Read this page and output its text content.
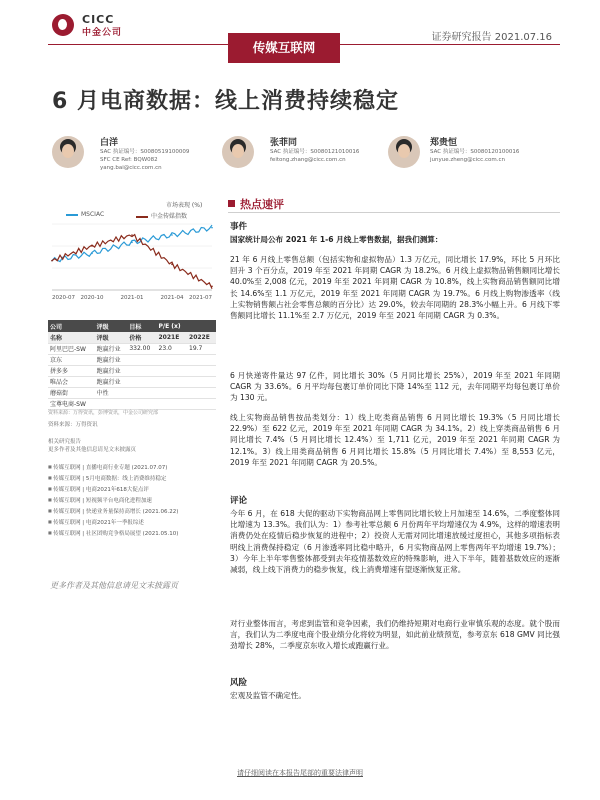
CICC
中金公司
传媒互联网
证券研究报告 2021.07.16
6 月电商数据：线上消费持续稳定
白洋
SAC 执证编号：S0080519100009
SFC CE Ref: BQW082
yang.bai@cicc.com.cn
张菲同
SAC 执证编号：S0080121010016
feitong.zhang@cicc.com.cn
郑贵恒
SAC 执证编号：S0080120100016
junyue.zheng@cicc.com.cn
市场表现 (%)
MSCIAC	中金传媒指数
2020-07 2020-10	2021-01	2021-04 2021-07
公司	评级	目标	P/E (x)	
名称	评级	价格	2021E	2022E
阿里巴巴-SW	跑赢行业	332.00	23.0	19.7
京东	跑赢行业			
拼多多	跑赢行业			
唯品会	跑赢行业			
蘑菇街	中性			
宝尊电商-SW				
资料来源：万得资讯，彭博资讯，中金公司研究部
资料来源：万得资讯
相关研究报告
更多作者及其他信息请见文末披露页
■ 传媒互联网 | 直播电商行业专题 (2021.07.07)
■ 传媒互联网 | 5月电商数据：线上消费维持稳定
■ 传媒互联网 | 电商2021年618大促点评
■ 传媒互联网 | 短视频平台电商化进程加速
■ 传媒互联网 | 快递业务量保持高增长 (2021.06.22)
■ 传媒互联网 | 电商2021年一季报综述
■ 传媒互联网 | 社区团购竞争格局展望 (2021.05.10)
更多作者及其他信息请见文末披露页
热点速评
事件
国家统计局公布 2021 年 1-6 月线上零售数据，据我们测算：
21 年 6 月线上零售总额（包括实物和虚拟物品）1.3 万亿元，同比增长 17.9%，环比 5 月环比回升 3 个百分点，2019 年至 2021 年同期 CAGR 为 18.2%。6 月线上虚拟物品销售额同比增长 40.0%至 2,008 亿元，2019 年至 2021 年同期 CAGR 为 10.8%，线上实物商品销售额同比增长 14.6%至 1.1 万亿元，2019 年至 2021 年同期 CAGR 为 19.7%。6 月线上购物渗透率（线上实物销售额占社会零售总额的百分比）达 29.0%，较去年同期的 28.3%小幅上升。6 月线下零售额同比增长 11.1%至 2.7 万亿元，2019 年至 2021 年同期 CAGR 为 0.3%。
6 月快递寄件量达 97 亿件，同比增长 30%（5 月同比增长 25%），2019 年至 2021 年同期 CAGR 为 33.6%。6 月平均每包裹订单价同比下降 14%至 112 元，去年同期平均每包裹订单价为 130 元。
线上实物商品销售按品类划分：1）线上吃类商品销售 6 月同比增长 19.3%（5 月同比增长 22.9%）至 622 亿元，2019 年至 2021 年同期 CAGR 为 34.1%。2）线上穿类商品销售 6 月同比增长 7.4%（5 月同比增长 12.4%）至 1,711 亿元，2019 年至 2021 年同期 CAGR 为 12.1%。3）线上用类商品销售 6 月同比增长 15.8%（5 月同比增长 7.4%）至 8,553 亿元，2019 年至 2021 年同期 CAGR 为 20.5%。
评论
今年 6 月，在 618 大促的驱动下实物商品网上零售同比增长较上月加速至 14.6%，二季度整体同比增速为 13.3%。我们认为：1）参考社零总额 6 月份两年平均增速仅为 4.9%，这样的增速表明消费仍处在疫情后稳步恢复的进程中；2）投资人无需对同比增速放缓过度担心，其他多项指标表明线上消费保持稳定（6 月渗透率同比稳中略升，6 月实物商品网上零售两年平均增速 19.7%）；3）今年上半年零售整体都受到去年疫情基数效应的特殊影响，进入下半年，随着基数效应的逐渐减弱，线上线下消费力的稳步恢复，线上消费增速有望逐渐恢复正常。
对行业整体而言，考虑到监管和竞争因素，我们仍维持短期对电商行业审慎乐观的态度。就个股而言，我们认为二季度电商个股业绩分化将较为明显，如此前业绩预览，参考京东 618 GMV 同比强劲增长 28%，二季度京东收入增长或跑赢行业。
风险
宏观及监管不确定性。
请仔细阅读在本报告尾部的重要法律声明
